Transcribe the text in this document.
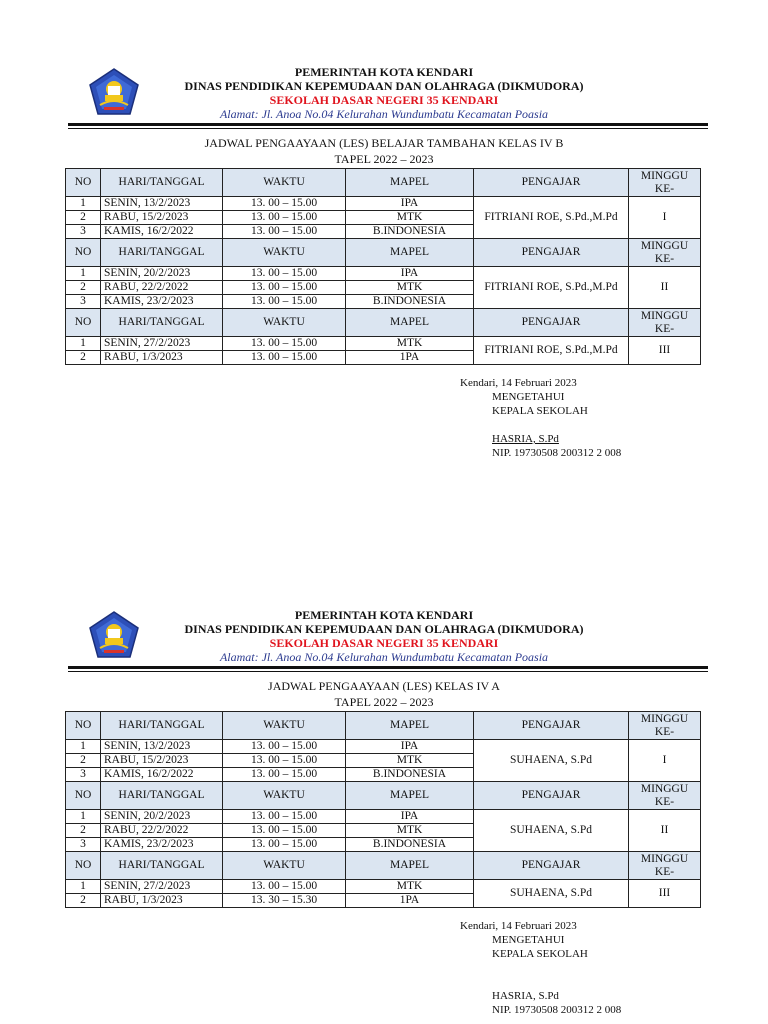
PEMERINTAH KOTA KENDARI
DINAS PENDIDIKAN KEPEMUDAAN DAN OLAHRAGA (DIKMUDORA)
SEKOLAH DASAR NEGERI 35 KENDARI
Alamat: Jl. Anoa No.04 Kelurahan Wundumbatu Kecamatan Poasia
JADWAL PENGAAYAAN (LES) BELAJAR TAMBAHAN KELAS IV B
TAPEL 2022 – 2023
NO	HARI/TANGGAL	WAKTU	MAPEL	PENGAJAR	MINGGU KE-
1	SENIN, 13/2/2023	13. 00 – 15.00	IPA	FITRIANI ROE, S.Pd.,M.Pd	I
2	RABU, 15/2/2023	13. 00 – 15.00	MTK		
3	KAMIS, 16/2/2022	13. 00 – 15.00	B.INDONESIA		
NO	HARI/TANGGAL	WAKTU	MAPEL	PENGAJAR	MINGGU KE-
1	SENIN, 20/2/2023	13. 00 – 15.00	IPA	FITRIANI ROE, S.Pd.,M.Pd	II
2	RABU, 22/2/2022	13. 00 – 15.00	MTK		
3	KAMIS, 23/2/2023	13. 00 – 15.00	B.INDONESIA		
NO	HARI/TANGGAL	WAKTU	MAPEL	PENGAJAR	MINGGU KE-
1	SENIN, 27/2/2023	13. 00 – 15.00	MTK	FITRIANI ROE, S.Pd.,M.Pd	III
2	RABU, 1/3/2023	13. 00 – 15.00	1PA		
Kendari, 14 Februari 2023
MENGETAHUI
KEPALA SEKOLAH
HASRIA, S.Pd
NIP. 19730508 200312 2 008
PEMERINTAH KOTA KENDARI
DINAS PENDIDIKAN KEPEMUDAAN DAN OLAHRAGA (DIKMUDORA)
SEKOLAH DASAR NEGERI 35 KENDARI
Alamat: Jl. Anoa No.04 Kelurahan Wundumbatu Kecamatan Poasia
JADWAL PENGAAYAAN (LES) KELAS IV A
TAPEL 2022 – 2023
NO	HARI/TANGGAL	WAKTU	MAPEL	PENGAJAR	MINGGU KE-
1	SENIN, 13/2/2023	13. 00 – 15.00	IPA	SUHAENA, S.Pd	I
2	RABU, 15/2/2023	13. 00 – 15.00	MTK		
3	KAMIS, 16/2/2022	13. 00 – 15.00	B.INDONESIA		
NO	HARI/TANGGAL	WAKTU	MAPEL	PENGAJAR	MINGGU KE-
1	SENIN, 20/2/2023	13. 00 – 15.00	IPA	SUHAENA, S.Pd	II
2	RABU, 22/2/2022	13. 00 – 15.00	MTK		
3	KAMIS, 23/2/2023	13. 00 – 15.00	B.INDONESIA		
NO	HARI/TANGGAL	WAKTU	MAPEL	PENGAJAR	MINGGU KE-
1	SENIN, 27/2/2023	13. 00 – 15.00	MTK	SUHAENA, S.Pd	III
2	RABU, 1/3/2023	13. 30 – 15.30	1PA		
Kendari, 14 Februari 2023
MENGETAHUI
KEPALA SEKOLAH
HASRIA, S.Pd
NIP. 19730508 200312 2 008
